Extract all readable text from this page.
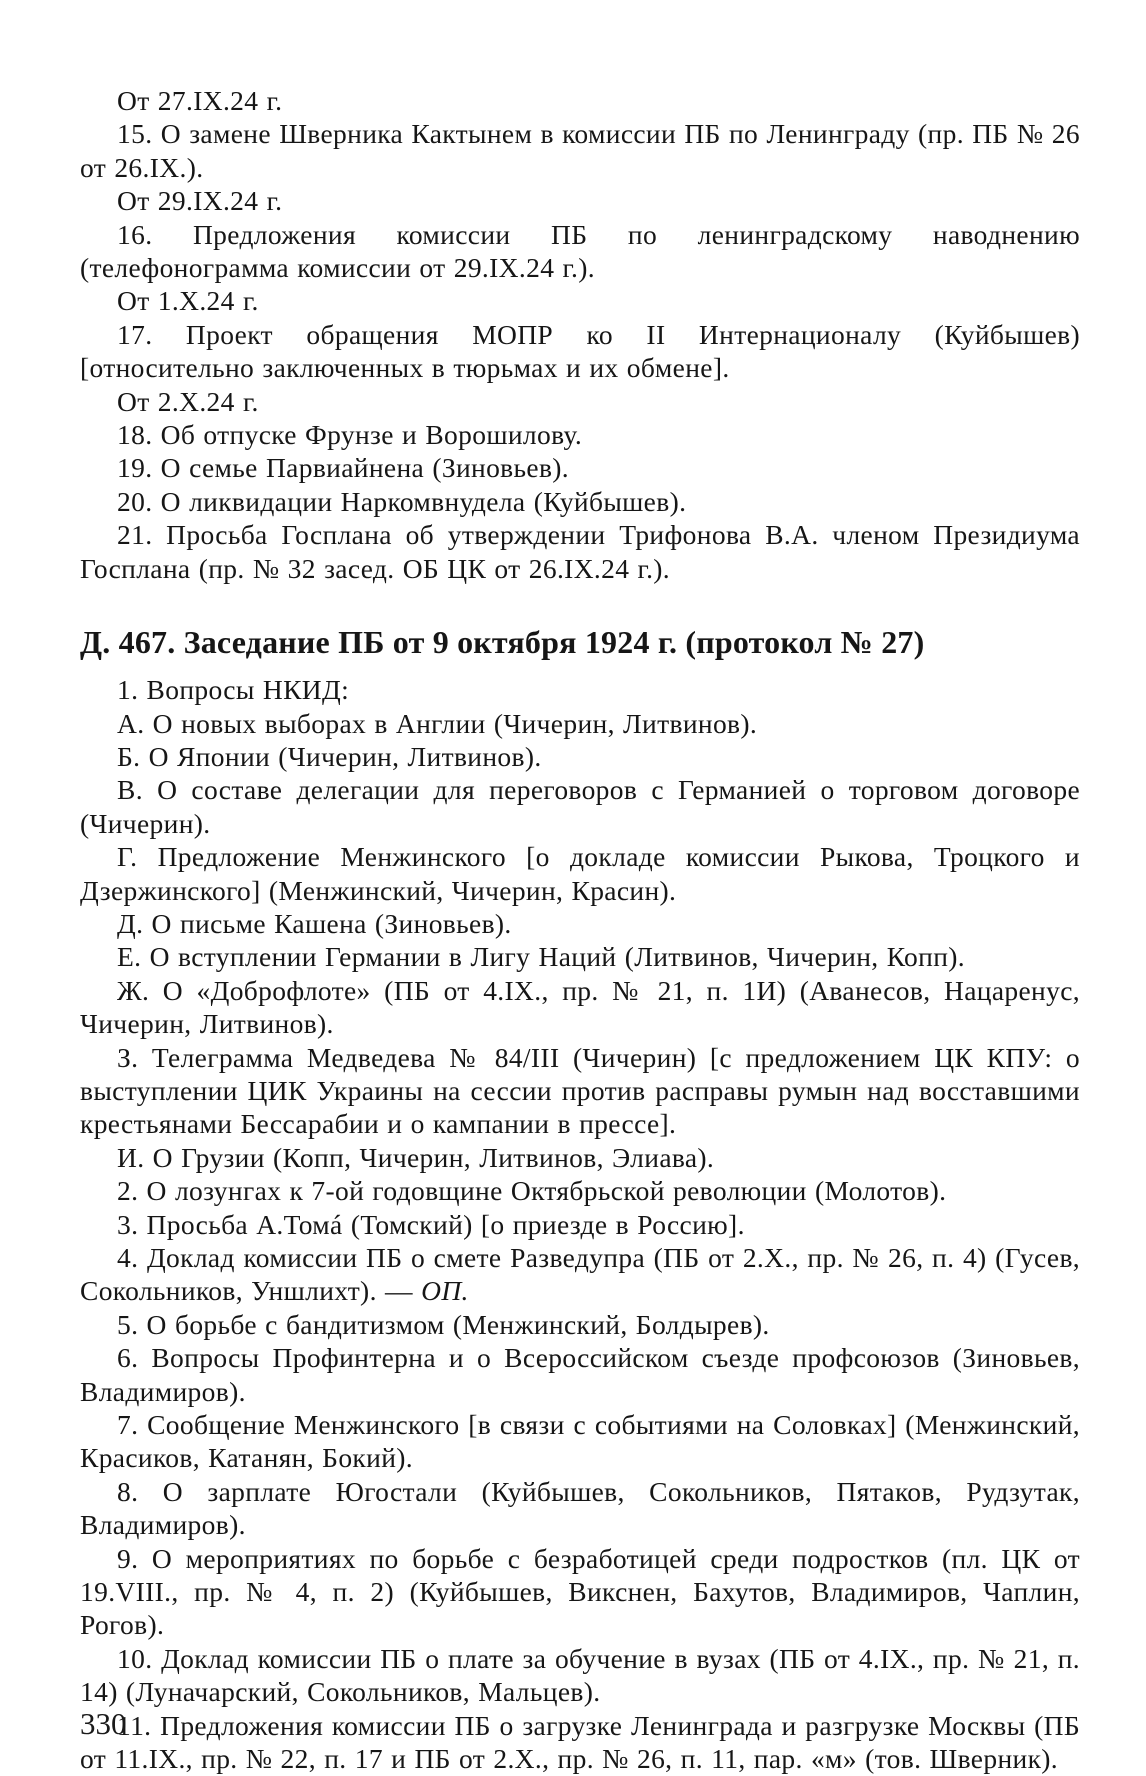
От 27.IX.24 г.

15. О замене Шверника Кактынем в комиссии ПБ по Ленинграду (пр. ПБ № 26 от 26.IX.).

От 29.IX.24 г.

16. Предложения комиссии ПБ по ленинградскому наводнению (телефонограмма комиссии от 29.IX.24 г.).

От 1.X.24 г.

17. Проект обращения МОПР ко II Интернационалу (Куйбышев) [относительно заключенных в тюрьмах и их обмене].

От 2.X.24 г.

18. Об отпуске Фрунзе и Ворошилову.

19. О семье Парвиайнена (Зиновьев).

20. О ликвидации Наркомвнудела (Куйбышев).

21. Просьба Госплана об утверждении Трифонова В.А. членом Президиума Госплана (пр. № 32 засед. ОБ ЦК от 26.IX.24 г.).

Д. 467. Заседание ПБ от 9 октября 1924 г. (протокол № 27)

1. Вопросы НКИД:

А. О новых выборах в Англии (Чичерин, Литвинов).

Б. О Японии (Чичерин, Литвинов).

В. О составе делегации для переговоров с Германией о торговом договоре (Чичерин).

Г. Предложение Менжинского [о докладе комиссии Рыкова, Троцкого и Дзержинского] (Менжинский, Чичерин, Красин).

Д. О письме Кашена (Зиновьев).

Е. О вступлении Германии в Лигу Наций (Литвинов, Чичерин, Копп).

Ж. О «Доброфлоте» (ПБ от 4.IX., пр. № 21, п. 1И) (Аванесов, Нацаренус, Чичерин, Литвинов).

З. Телеграмма Медведева № 84/III (Чичерин) [с предложением ЦК КПУ: о выступлении ЦИК Украины на сессии против расправы румын над восставшими крестьянами Бессарабии и о кампании в прессе].

И. О Грузии (Копп, Чичерин, Литвинов, Элиава).

2. О лозунгах к 7-ой годовщине Октябрьской революции (Молотов).

3. Просьба А.Томá (Томский) [о приезде в Россию].

4. Доклад комиссии ПБ о смете Разведупра (ПБ от 2.X., пр. № 26, п. 4) (Гусев, Сокольников, Уншлихт). — ОП.

5. О борьбе с бандитизмом (Менжинский, Болдырев).

6. Вопросы Профинтерна и о Всероссийском съезде профсоюзов (Зиновьев, Владимиров).

7. Сообщение Менжинского [в связи с событиями на Соловках] (Менжинский, Красиков, Катанян, Бокий).

8. О зарплате Югостали (Куйбышев, Сокольников, Пятаков, Рудзутак, Владимиров).

9. О мероприятиях по борьбе с безработицей среди подростков (пл. ЦК от 19.VIII., пр. № 4, п. 2) (Куйбышев, Викснен, Бахутов, Владимиров, Чаплин, Рогов).

10. Доклад комиссии ПБ о плате за обучение в вузах (ПБ от 4.IX., пр. № 21, п. 14) (Луначарский, Сокольников, Мальцев).

11. Предложения комиссии ПБ о загрузке Ленинграда и разгрузке Москвы (ПБ от 11.IX., пр. № 22, п. 17 и ПБ от 2.X., пр. № 26, п. 11, пар. «м» (тов. Шверник).

330
